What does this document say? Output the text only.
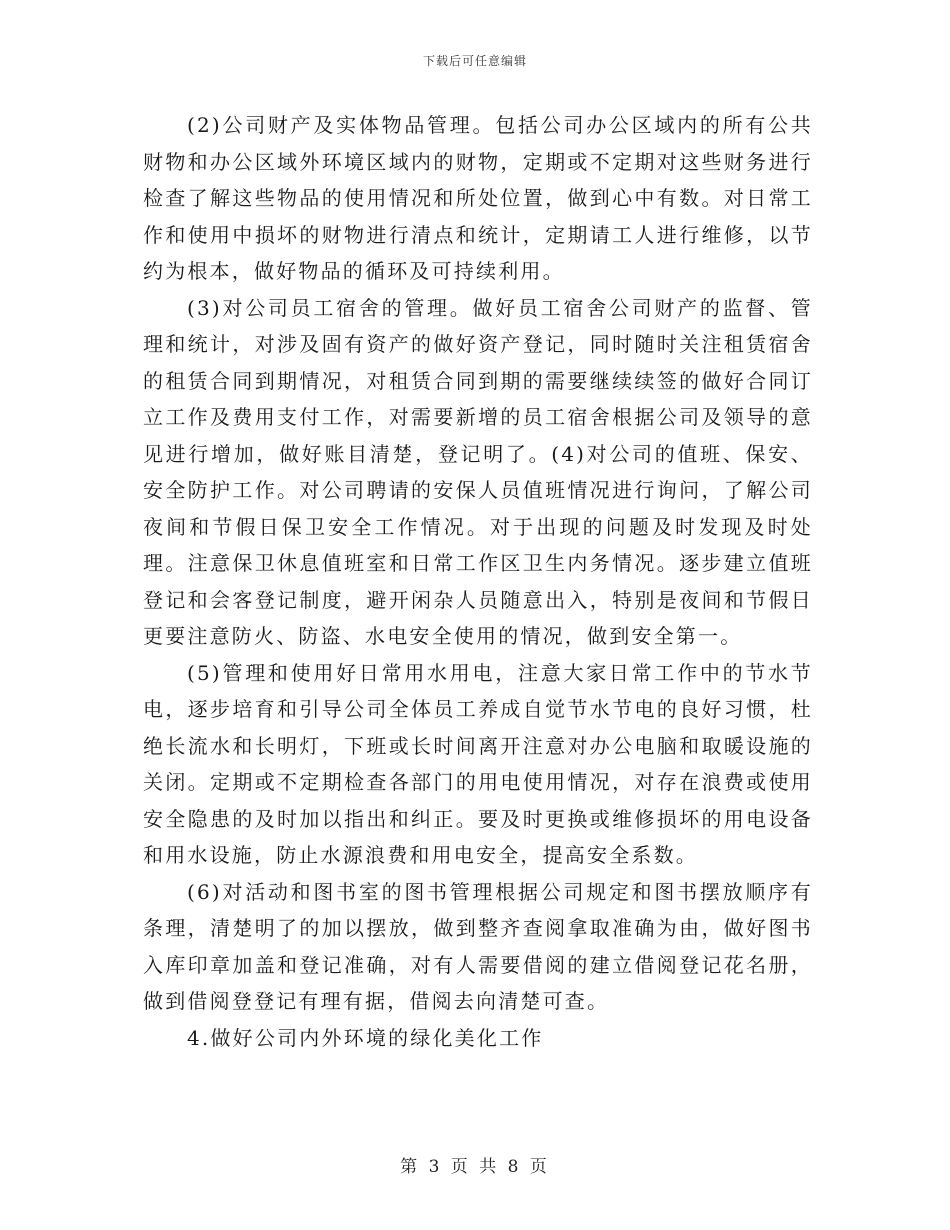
下载后可任意编辑

(2)公司财产及实体物品管理。包括公司办公区域内的所有公共财物和办公区域外环境区域内的财物，定期或不定期对这些财务进行检查了解这些物品的使用情况和所处位置，做到心中有数。对日常工作和使用中损坏的财物进行清点和统计，定期请工人进行维修，以节约为根本，做好物品的循环及可持续利用。

(3)对公司员工宿舍的管理。做好员工宿舍公司财产的监督、管理和统计，对涉及固有资产的做好资产登记，同时随时关注租赁宿舍的租赁合同到期情况，对租赁合同到期的需要继续续签的做好合同订立工作及费用支付工作，对需要新增的员工宿舍根据公司及领导的意见进行增加，做好账目清楚，登记明了。(4)对公司的值班、保安、安全防护工作。对公司聘请的安保人员值班情况进行询问，了解公司夜间和节假日保卫安全工作情况。对于出现的问题及时发现及时处理。注意保卫休息值班室和日常工作区卫生内务情况。逐步建立值班登记和会客登记制度，避开闲杂人员随意出入，特别是夜间和节假日更要注意防火、防盗、水电安全使用的情况，做到安全第一。

(5)管理和使用好日常用水用电，注意大家日常工作中的节水节电，逐步培育和引导公司全体员工养成自觉节水节电的良好习惯，杜绝长流水和长明灯，下班或长时间离开注意对办公电脑和取暖设施的关闭。定期或不定期检查各部门的用电使用情况，对存在浪费或使用安全隐患的及时加以指出和纠正。要及时更换或维修损坏的用电设备和用水设施，防止水源浪费和用电安全，提高安全系数。

(6)对活动和图书室的图书管理根据公司规定和图书摆放顺序有条理，清楚明了的加以摆放，做到整齐查阅拿取准确为由，做好图书入库印章加盖和登记准确，对有人需要借阅的建立借阅登记花名册，做到借阅登登记有理有据，借阅去向清楚可查。

4.做好公司内外环境的绿化美化工作

第 3 页 共 8 页
